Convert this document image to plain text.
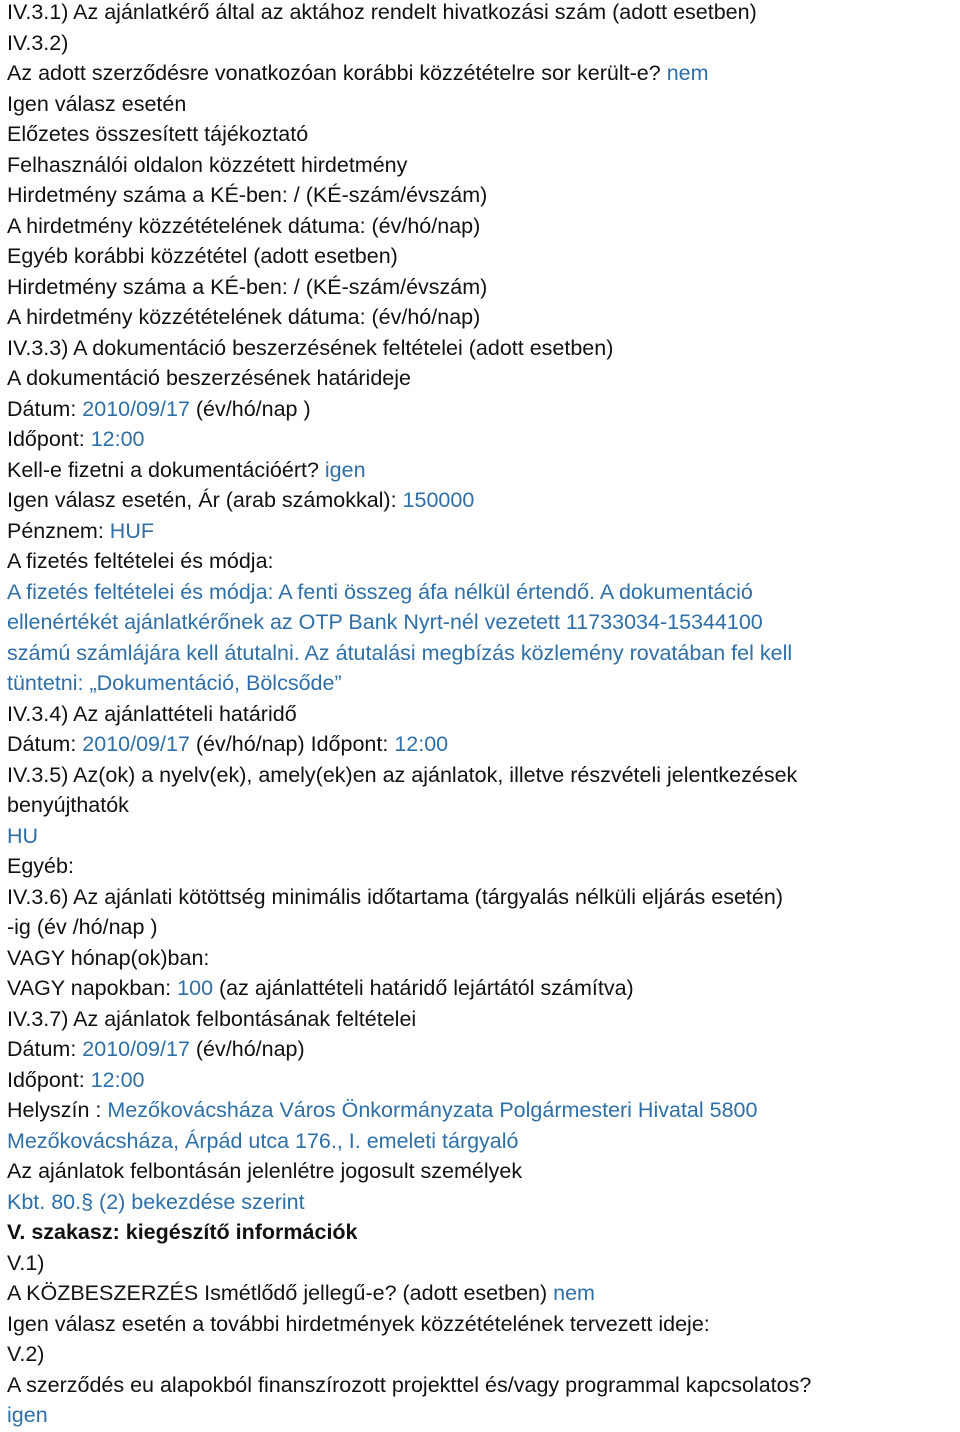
IV.3.1) Az ajánlatkérő által az aktához rendelt hivatkozási szám (adott esetben)
IV.3.2)
Az adott szerződésre vonatkozóan korábbi közzétételre sor került-e? nem
Igen válasz esetén
Előzetes összesített tájékoztató
Felhasználói oldalon közzétett hirdetmény
Hirdetmény száma a KÉ-ben: / (KÉ-szám/évszám)
A hirdetmény közzétételének dátuma: (év/hó/nap)
Egyéb korábbi közzététel (adott esetben)
Hirdetmény száma a KÉ-ben: / (KÉ-szám/évszám)
A hirdetmény közzétételének dátuma: (év/hó/nap)
IV.3.3) A dokumentáció beszerzésének feltételei (adott esetben)
A dokumentáció beszerzésének határideje
Dátum: 2010/09/17 (év/hó/nap )
Időpont: 12:00
Kell-e fizetni a dokumentációért? igen
Igen válasz esetén, Ár (arab számokkal): 150000
Pénznem: HUF
A fizetés feltételei és módja:
A fizetés feltételei és módja: A fenti összeg áfa nélkül értendő. A dokumentáció
ellenértékét ajánlatkérőnek az OTP Bank Nyrt-nél vezetett 11733034-15344100
számú számlájára kell átutalni. Az átutalási megbízás közlemény rovatában fel kell
tüntetni: „Dokumentáció, Bölcsőde”
IV.3.4) Az ajánlattételi határidő
Dátum: 2010/09/17 (év/hó/nap) Időpont: 12:00
IV.3.5) Az(ok) a nyelv(ek), amely(ek)en az ajánlatok, illetve részvételi jelentkezések
benyújthatók
HU
Egyéb:
IV.3.6) Az ajánlati kötöttség minimális időtartama (tárgyalás nélküli eljárás esetén)
-ig (év /hó/nap )
VAGY hónap(ok)ban:
VAGY napokban: 100 (az ajánlattételi határidő lejártától számítva)
IV.3.7) Az ajánlatok felbontásának feltételei
Dátum: 2010/09/17 (év/hó/nap)
Időpont: 12:00
Helyszín : Mezőkovácsháza Város Önkormányzata Polgármesteri Hivatal 5800
Mezőkovácsháza, Árpád utca 176., I. emeleti tárgyaló
Az ajánlatok felbontásán jelenlétre jogosult személyek
Kbt. 80.§ (2) bekezdése szerint
V. szakasz: kiegészítő információk
V.1)
A KÖZBESZERZÉS Ismétlődő jellegű-e? (adott esetben) nem
Igen válasz esetén a további hirdetmények közzétételének tervezett ideje:
V.2)
A szerződés eu alapokból finanszírozott projekttel és/vagy programmal kapcsolatos?
igen
